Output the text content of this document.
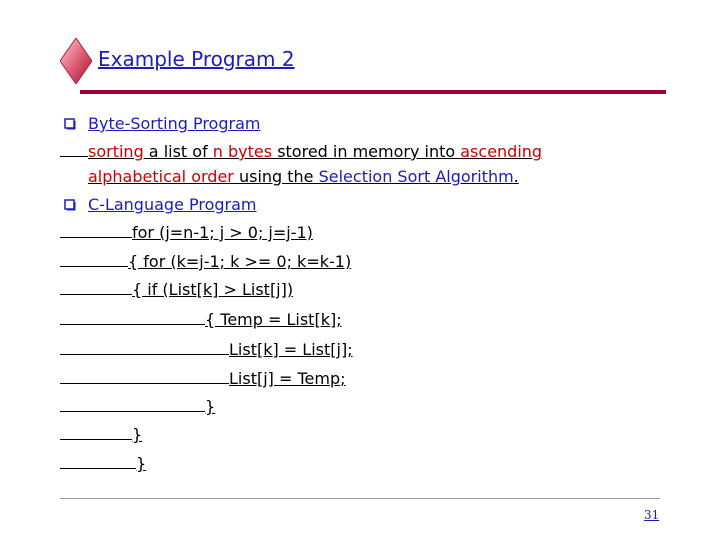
Example Program 2
Byte-Sorting Program
sorting a list of n bytes stored in memory into ascending
alphabetical order using the Selection Sort Algorithm.
C-Language Program
for (j=n-1; j > 0; j=j-1)
{ for (k=j-1; k >= 0; k=k-1)
{ if (List[k] > List[j])
{ Temp = List[k];
List[k] = List[j];
List[j] = Temp;
}
}
}
31
